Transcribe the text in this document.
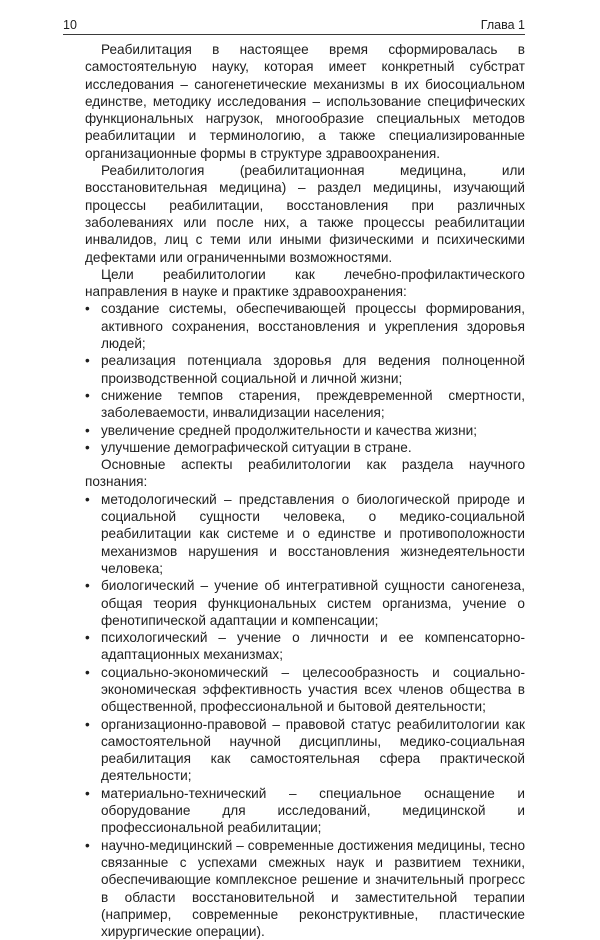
10	Глава 1

Реабилитация в настоящее время сформировалась в самостоятельную науку, которая имеет конкретный субстрат исследования – саногенетические механизмы в их биосоциальном единстве, методику исследования – использование специфических функциональных нагрузок, многообразие специальных методов реабилитации и терминологию, а также специализированные организационные формы в структуре здравоохранения.

Реабилитология (реабилитационная медицина, или восстановительная медицина) – раздел медицины, изучающий процессы реабилитации, восстановления при различных заболеваниях или после них, а также процессы реабилитации инвалидов, лиц с теми или иными физическими и психическими дефектами или ограниченными возможностями.

Цели реабилитологии как лечебно-профилактического направления в науке и практике здравоохранения:

• создание системы, обеспечивающей процессы формирования, активного сохранения, восстановления и укрепления здоровья людей;
• реализация потенциала здоровья для ведения полноценной производственной социальной и личной жизни;
• снижение темпов старения, преждевременной смертности, заболеваемости, инвалидизации населения;
• увеличение средней продолжительности и качества жизни;
• улучшение демографической ситуации в стране.

Основные аспекты реабилитологии как раздела научного познания:

• методологический – представления о биологической природе и социальной сущности человека, о медико-социальной реабилитации как системе и о единстве и противоположности механизмов нарушения и восстановления жизнедеятельности человека;
• биологический – учение об интегративной сущности саногенеза, общая теория функциональных систем организма, учение о фенотипической адаптации и компенсации;
• психологический – учение о личности и ее компенсаторно-адаптационных механизмах;
• социально-экономический – целесообразность и социально-экономическая эффективность участия всех членов общества в общественной, профессиональной и бытовой деятельности;
• организационно-правовой – правовой статус реабилитологии как самостоятельной научной дисциплины, медико-социальная реабилитация как самостоятельная сфера практической деятельности;
• материально-технический – специальное оснащение и оборудование для исследований, медицинской и профессиональной реабилитации;
• научно-медицинский – современные достижения медицины, тесно связанные с успехами смежных наук и развитием техники, обеспечивающие комплексное решение и значительный прогресс в области восстановительной и заместительной терапии (например, современные реконструктивные, пластические хирургические операции).
